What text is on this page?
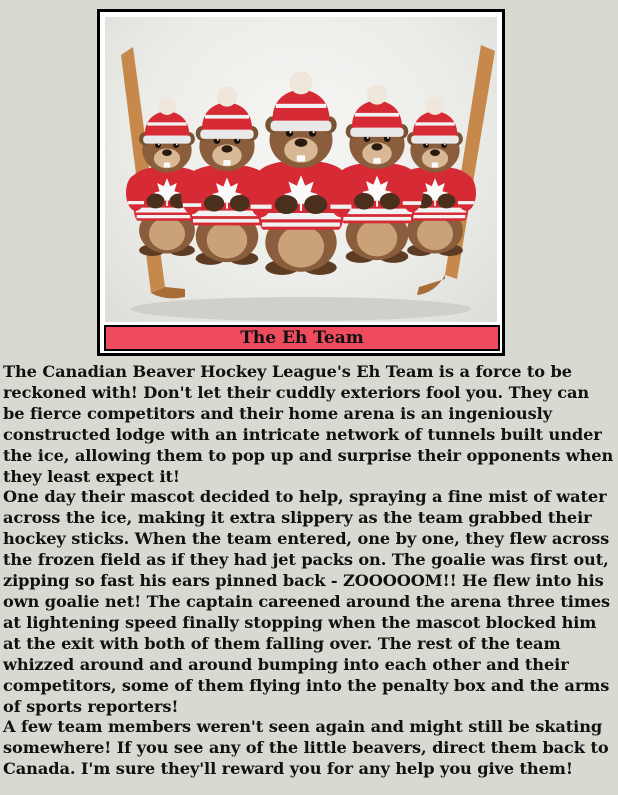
The Eh Team

The Canadian Beaver Hockey League's Eh Team is a force to be reckoned with! Don't let their cuddly exteriors fool you. They can be fierce competitors and their home arena is an ingeniously constructed lodge with an intricate network of tunnels built under the ice, allowing them to pop up and surprise their opponents when they least expect it!

One day their mascot decided to help, spraying a fine mist of water across the ice, making it extra slippery as the team grabbed their hockey sticks. When the team entered, one by one, they flew across the frozen field as if they had jet packs on. The goalie was first out, zipping so fast his ears pinned back - ZOOOOOM!! He flew into his own goalie net! The captain careened around the arena three times at lightening speed finally stopping when the mascot blocked him at the exit with both of them falling over. The rest of the team whizzed around and around bumping into each other and their competitors, some of them flying into the penalty box and the arms of sports reporters!

A few team members weren't seen again and might still be skating somewhere! If you see any of the little beavers, direct them back to Canada. I'm sure they'll reward you for any help you give them!
